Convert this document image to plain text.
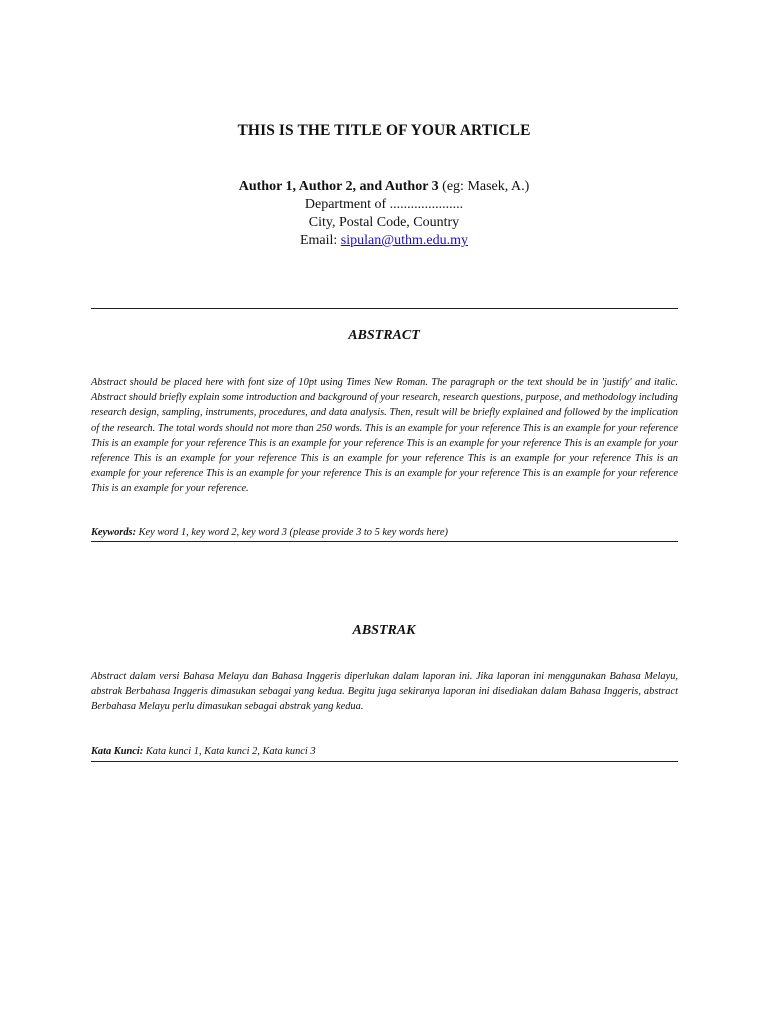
THIS IS THE TITLE OF YOUR ARTICLE
Author 1, Author 2, and Author 3 (eg: Masek, A.)
Department of .....................
City, Postal Code, Country
Email: sipulan@uthm.edu.my
ABSTRACT

Abstract should be placed here with font size of 10pt using Times New Roman. The paragraph or the text should be in 'justify' and italic. Abstract should briefly explain some introduction and background of your research, research questions, purpose, and methodology including research design, sampling, instruments, procedures, and data analysis. Then, result will be briefly explained and followed by the implication of the research. The total words should not more than 250 words. This is an example for your reference This is an example for your reference This is an example for your reference This is an example for your reference This is an example for your reference This is an example for your reference This is an example for your reference This is an example for your reference This is an example for your reference This is an example for your reference This is an example for your reference This is an example for your reference This is an example for your reference This is an example for your reference.

Keywords: Key word 1, key word 2, key word 3 (please provide 3 to 5 key words here)

ABSTRAK

Abstract dalam versi Bahasa Melayu dan Bahasa Inggeris diperlukan dalam laporan ini. Jika laporan ini menggunakan Bahasa Melayu, abstrak Berbahasa Inggeris dimasukan sebagai yang kedua. Begitu juga sekiranya laporan ini disediakan dalam Bahasa Inggeris, abstract Berbahasa Melayu perlu dimasukan sebagai abstrak yang kedua.

Kata Kunci: Kata kunci 1, Kata kunci 2, Kata kunci 3
